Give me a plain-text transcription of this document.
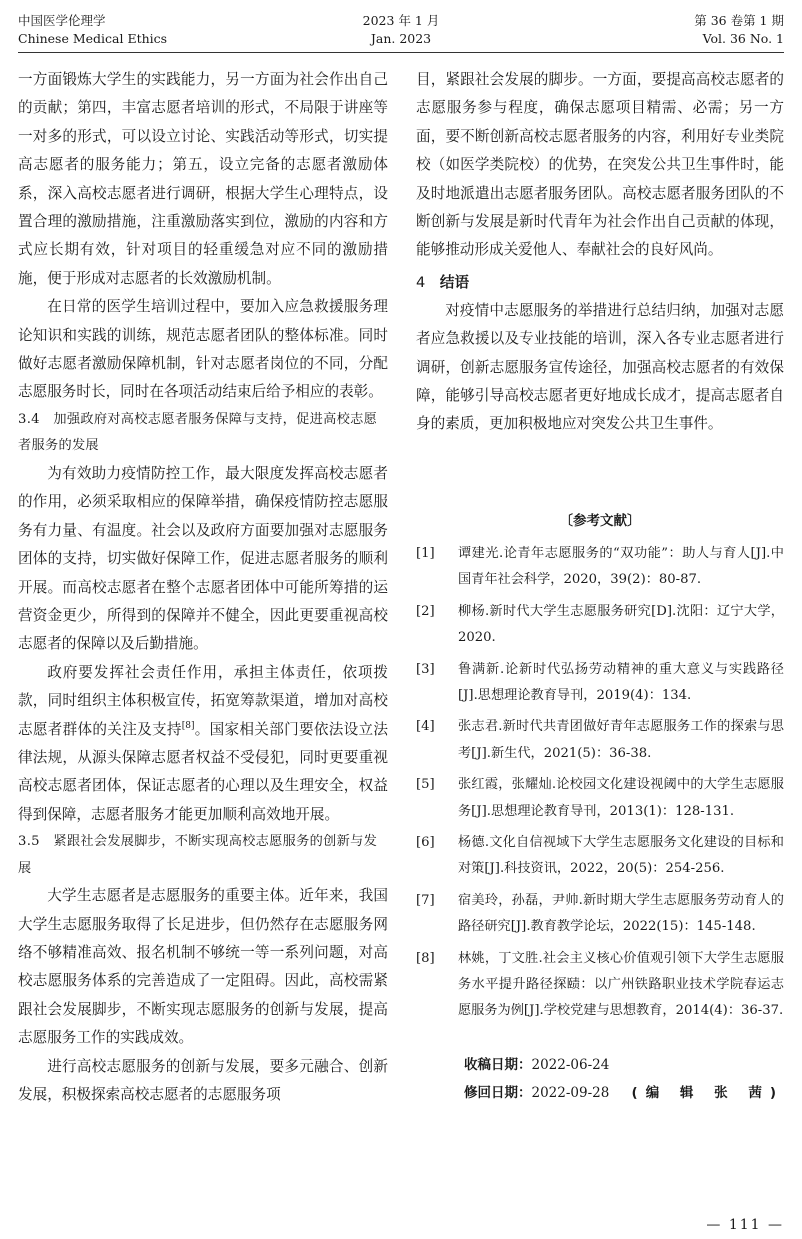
中国医学伦理学
Chinese Medical Ethics
2023 年 1 月
Jan. 2023
第 36 卷第 1 期
Vol. 36 No. 1

一方面锻炼大学生的实践能力，另一方面为社会作出自己的贡献；第四，丰富志愿者培训的形式，不局限于讲座等一对多的形式，可以设立讨论、实践活动等形式，切实提高志愿者的服务能力；第五，设立完备的志愿者激励体系，深入高校志愿者进行调研，根据大学生心理特点，设置合理的激励措施，注重激励落实到位，激励的内容和方式应长期有效，针对项目的轻重缓急对应不同的激励措施，便于形成对志愿者的长效激励机制。

在日常的医学生培训过程中，要加入应急救援服务理论知识和实践的训练，规范志愿者团队的整体标准。同时做好志愿者激励保障机制，针对志愿者岗位的不同，分配志愿服务时长，同时在各项活动结束后给予相应的表彰。

3.4　加强政府对高校志愿者服务保障与支持，促进高校志愿者服务的发展

为有效助力疫情防控工作，最大限度发挥高校志愿者的作用，必须采取相应的保障举措，确保疫情防控志愿服务有力量、有温度。社会以及政府方面要加强对志愿服务团体的支持，切实做好保障工作，促进志愿者服务的顺利开展。而高校志愿者在整个志愿者团体中可能所筹措的运营资金更少，所得到的保障并不健全，因此更要重视高校志愿者的保障以及后勤措施。

政府要发挥社会责任作用，承担主体责任，依项拨款，同时组织主体积极宣传，拓宽筹款渠道，增加对高校志愿者群体的关注及支持[8]。国家相关部门要依法设立法律法规，从源头保障志愿者权益不受侵犯，同时更要重视高校志愿者团体，保证志愿者的心理以及生理安全，权益得到保障，志愿者服务才能更加顺利高效地开展。

3.5　紧跟社会发展脚步，不断实现高校志愿服务的创新与发展

大学生志愿者是志愿服务的重要主体。近年来，我国大学生志愿服务取得了长足进步，但仍然存在志愿服务网络不够精准高效、报名机制不够统一等一系列问题，对高校志愿服务体系的完善造成了一定阻碍。因此，高校需紧跟社会发展脚步，不断实现志愿服务的创新与发展，提高志愿服务工作的实践成效。

进行高校志愿服务的创新与发展，要多元融合、创新发展，积极探索高校志愿者的志愿服务项

目，紧跟社会发展的脚步。一方面，要提高高校志愿者的志愿服务参与程度，确保志愿项目精需、必需；另一方面，要不断创新高校志愿者服务的内容，利用好专业类院校（如医学类院校）的优势，在突发公共卫生事件时，能及时地派遣出志愿者服务团队。高校志愿者服务团队的不断创新与发展是新时代青年为社会作出自己贡献的体现，能够推动形成关爱他人、奉献社会的良好风尚。

4　 结语

对疫情中志愿服务的举措进行总结归纳，加强对志愿者应急救援以及专业技能的培训，深入各专业志愿者进行调研，创新志愿服务宣传途径，加强高校志愿者的有效保障，能够引导高校志愿者更好地成长成才，提高志愿者自身的素质，更加积极地应对突发公共卫生事件。

〔参考文献〕
[1] 谭建光.论青年志愿服务的“双功能”：助人与育人[J].中国青年社会科学，2020，39(2)：80-87.
[2] 柳杨.新时代大学生志愿服务研究[D].沈阳：辽宁大学，2020.
[3] 鲁满新.论新时代弘扬劳动精神的重大意义与实践路径[J].思想理论教育导刊，2019(4)：134.
[4] 张志君.新时代共青团做好青年志愿服务工作的探索与思考[J].新生代，2021(5)：36-38.
[5] 张红霞，张耀灿.论校园文化建设视阈中的大学生志愿服务[J].思想理论教育导刊，2013(1)：128-131.
[6] 杨德.文化自信视域下大学生志愿服务文化建设的目标和对策[J].科技资讯，2022，20(5)：254-256.
[7] 宿美玲，孙磊，尹帅.新时期大学生志愿服务劳动育人的路径研究[J].教育教学论坛，2022(15)：145-148.
[8] 林姚，丁文胜.社会主义核心价值观引领下大学生志愿服务水平提升路径探赜：以广州铁路职业技术学院春运志愿服务为例[J].学校党建与思想教育，2014(4)：36-37.
收稿日期：2022-06-24
修回日期：2022-09-28	(编 辑 张 茜)
— 111 —
